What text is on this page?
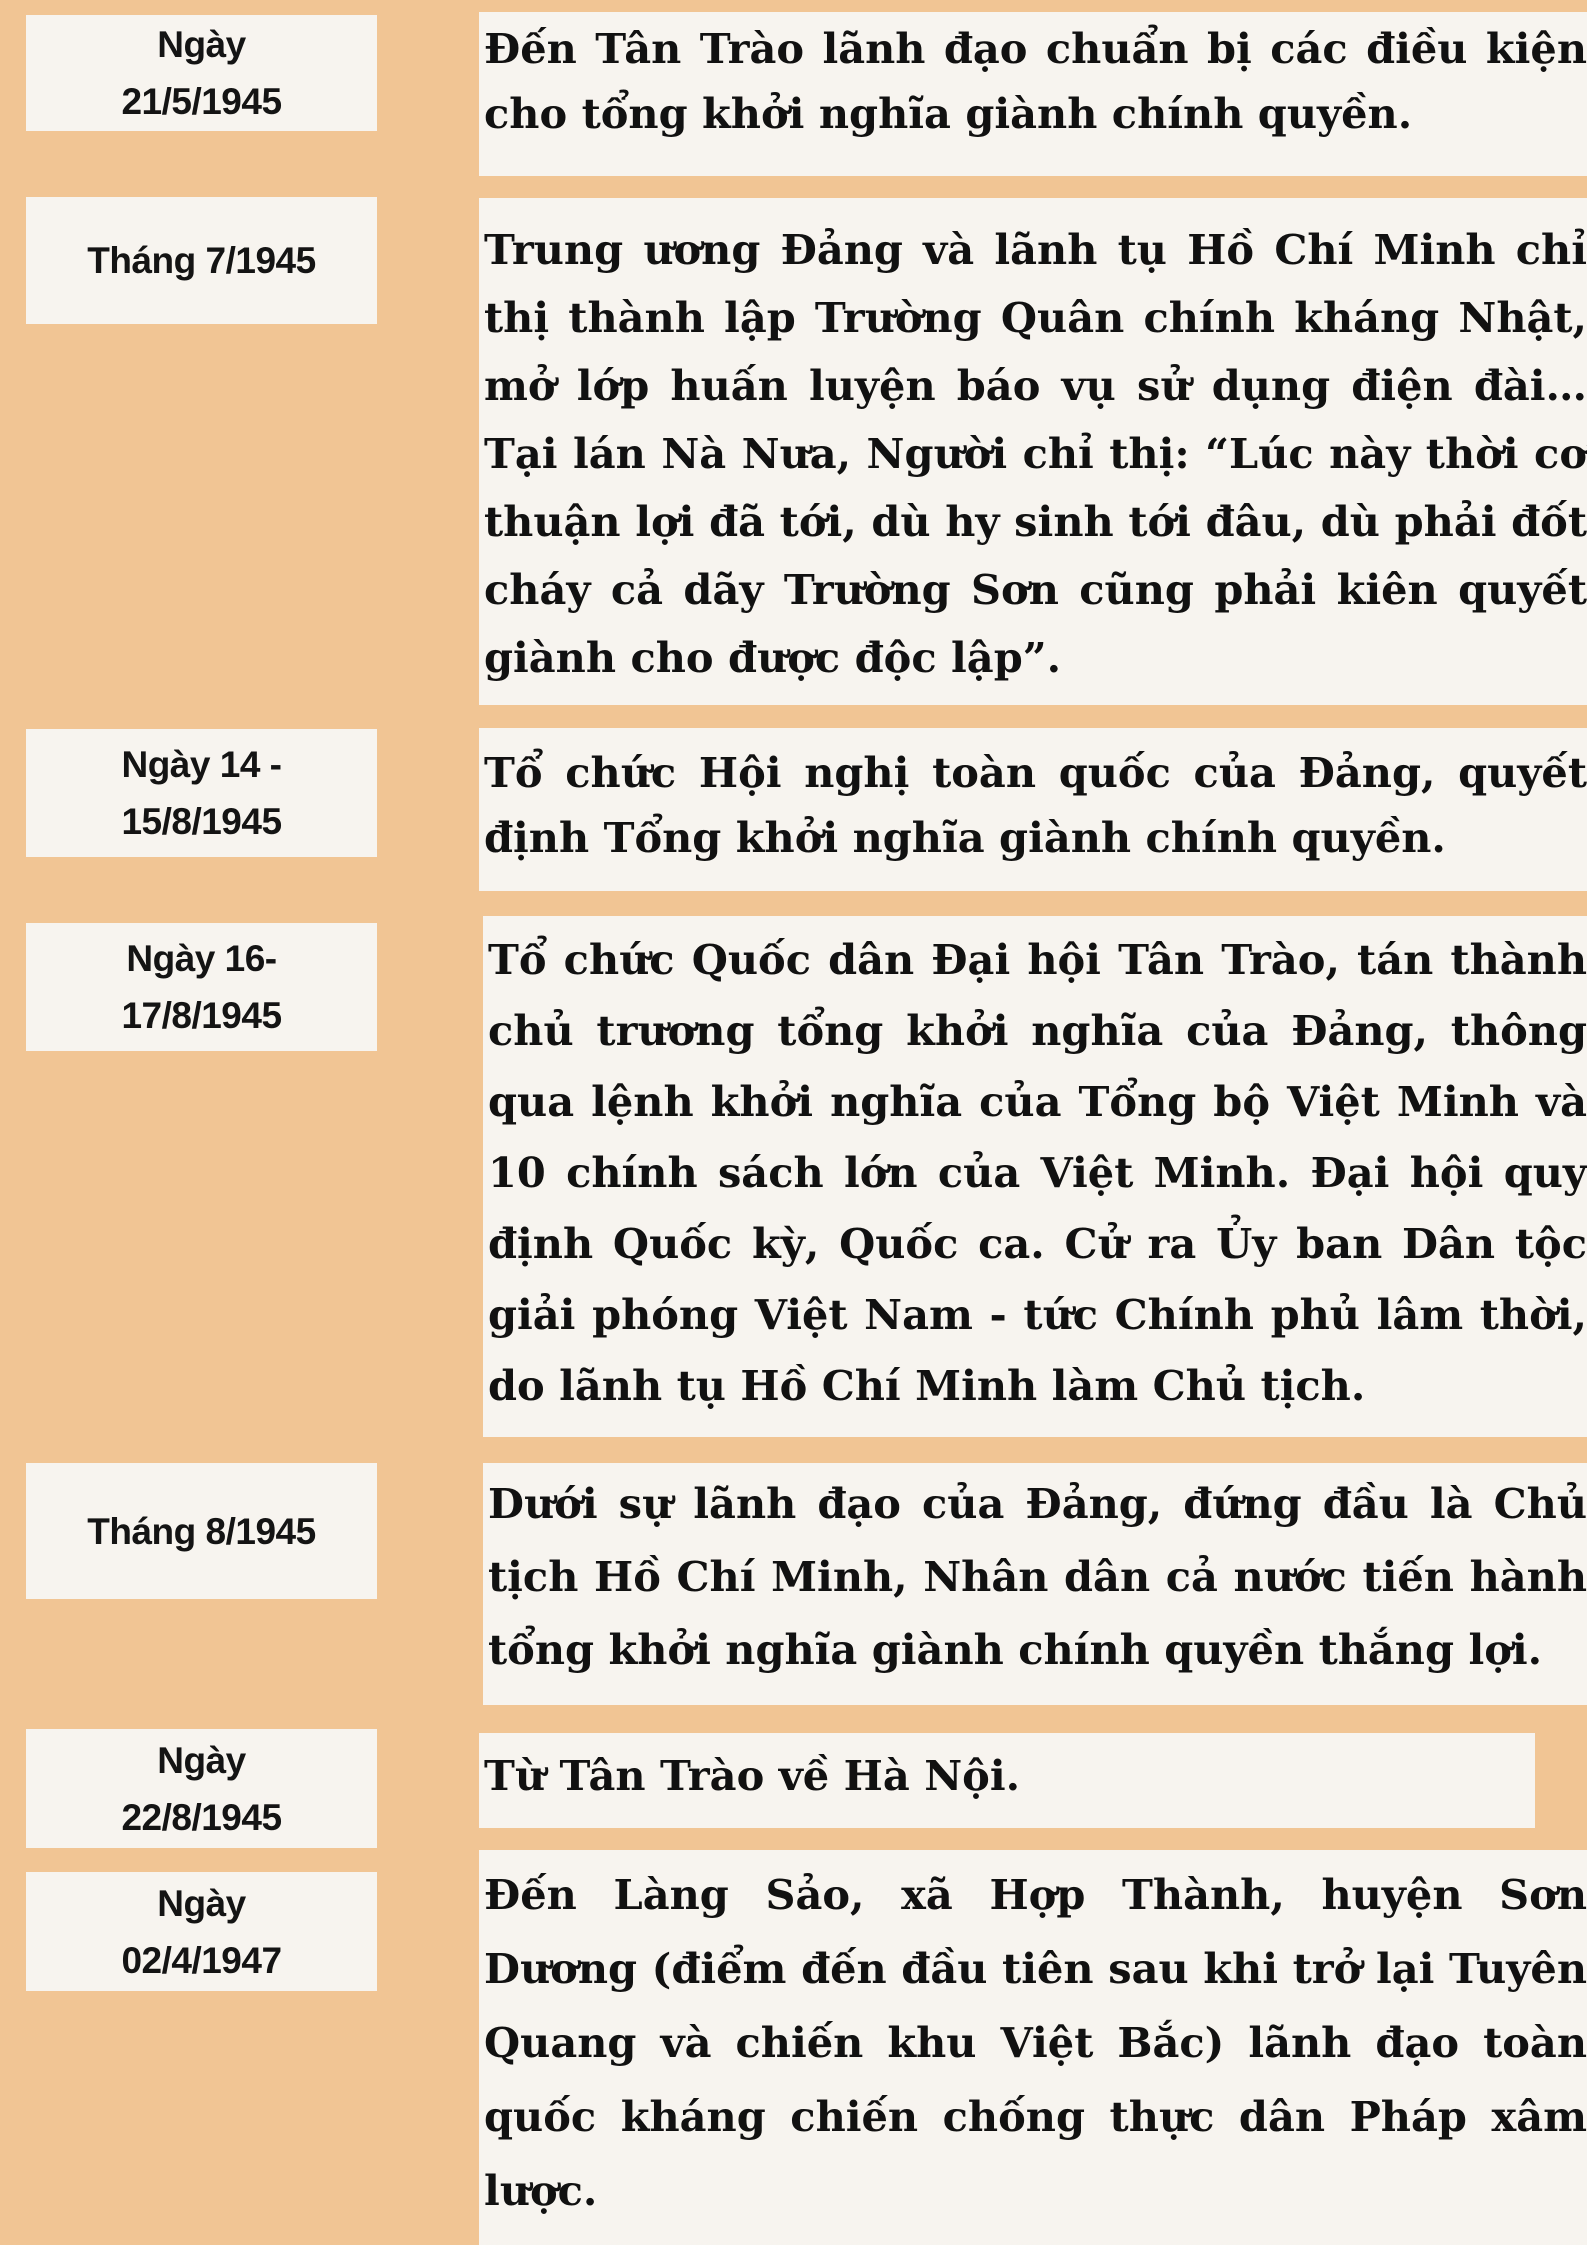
Ngày 21/5/1945
Đến Tân Trào lãnh đạo chuẩn bị các điều kiện cho tổng khởi nghĩa giành chính quyền.
Tháng 7/1945	Trung ương Đảng và lãnh tụ Hồ Chí Minh chỉ thị thành lập Trường Quân chính kháng Nhật, mở lớp huấn luyện báo vụ sử dụng điện đài… Tại lán Nà Nưa, Người chỉ thị: “Lúc này thời cơ thuận lợi đã tới, dù hy sinh tới đâu, dù phải đốt cháy cả dãy Trường Sơn cũng phải kiên quyết giành cho được độc lập”.
Ngày 14 - 15/8/1945
Tổ chức Hội nghị toàn quốc của Đảng, quyết định Tổng khởi nghĩa giành chính quyền.
Ngày 16-17/8/1945
Tổ chức Quốc dân Đại hội Tân Trào, tán thành chủ trương tổng khởi nghĩa của Đảng, thông qua lệnh khởi nghĩa của Tổng bộ Việt Minh và 10 chính sách lớn của Việt Minh. Đại hội quy định Quốc kỳ, Quốc ca. Cử ra Ủy ban Dân tộc giải phóng Việt Nam - tức Chính phủ lâm thời, do lãnh tụ Hồ Chí Minh làm Chủ tịch.
Tháng 8/1945
Dưới sự lãnh đạo của Đảng, đứng đầu là Chủ tịch Hồ Chí Minh, Nhân dân cả nước tiến hành tổng khởi nghĩa giành chính quyền thắng lợi.
Ngày 22/8/1945
Từ Tân Trào về Hà Nội.
Ngày 02/4/1947
Đến Làng Sảo, xã Hợp Thành, huyện Sơn Dương (điểm đến đầu tiên sau khi trở lại Tuyên Quang và chiến khu Việt Bắc) lãnh đạo toàn quốc kháng chiến chống thực dân Pháp xâm lược.
